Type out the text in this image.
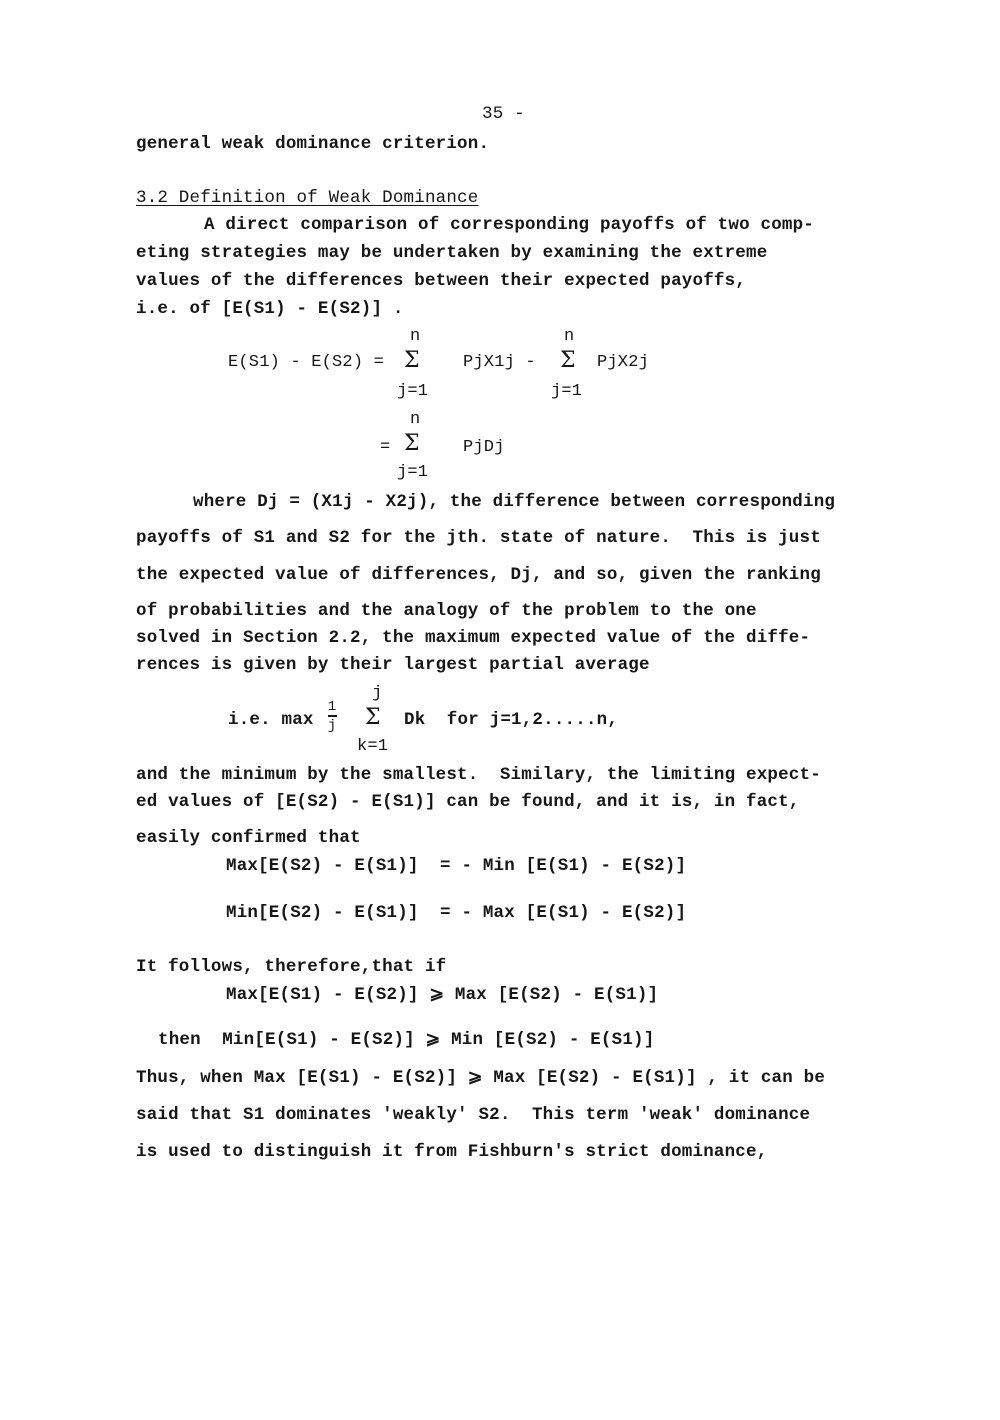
35 -
general weak dominance criterion.
3.2 Definition of Weak Dominance
A direct comparison of corresponding payoffs of two comp-
eting strategies may be undertaken by examining the extreme
values of the differences between their expected payoffs,
i.e. of [E(S1) - E(S2)] .
E(S1) - E(S2) =
n
Σ
j=1
PjX1j -
n
Σ
j=1
PjX2j
n
= Σ
j=1
PjDj
where Dj = (X1j - X2j), the difference between corresponding
payoffs of S1 and S2 for the jth. state of nature.  This is just
the expected value of differences, Dj, and so, given the ranking
of probabilities and the analogy of the problem to the one
solved in Section 2.2, the maximum expected value of the diffe-
rences is given by their largest partial average
j
i.e. max
1
j Σ Dk  for j=1,2.....n,
k=1
and the minimum by the smallest.  Similary, the limiting expect-
ed values of [E(S2) - E(S1)] can be found, and it is, in fact,
easily confirmed that
Max[E(S2) - E(S1)]  = - Min [E(S1) - E(S2)]
Min[E(S2) - E(S1)]  = - Max [E(S1) - E(S2)]
It follows, therefore,that if
Max[E(S1) - E(S2)] ⩾ Max [E(S2) - E(S1)]
then  Min[E(S1) - E(S2)] ⩾ Min [E(S2) - E(S1)]
Thus, when Max [E(S1) - E(S2)] ⩾ Max [E(S2) - E(S1)] , it can be
said that S1 dominates 'weakly' S2.  This term 'weak' dominance
is used to distinguish it from Fishburn's strict dominance,
